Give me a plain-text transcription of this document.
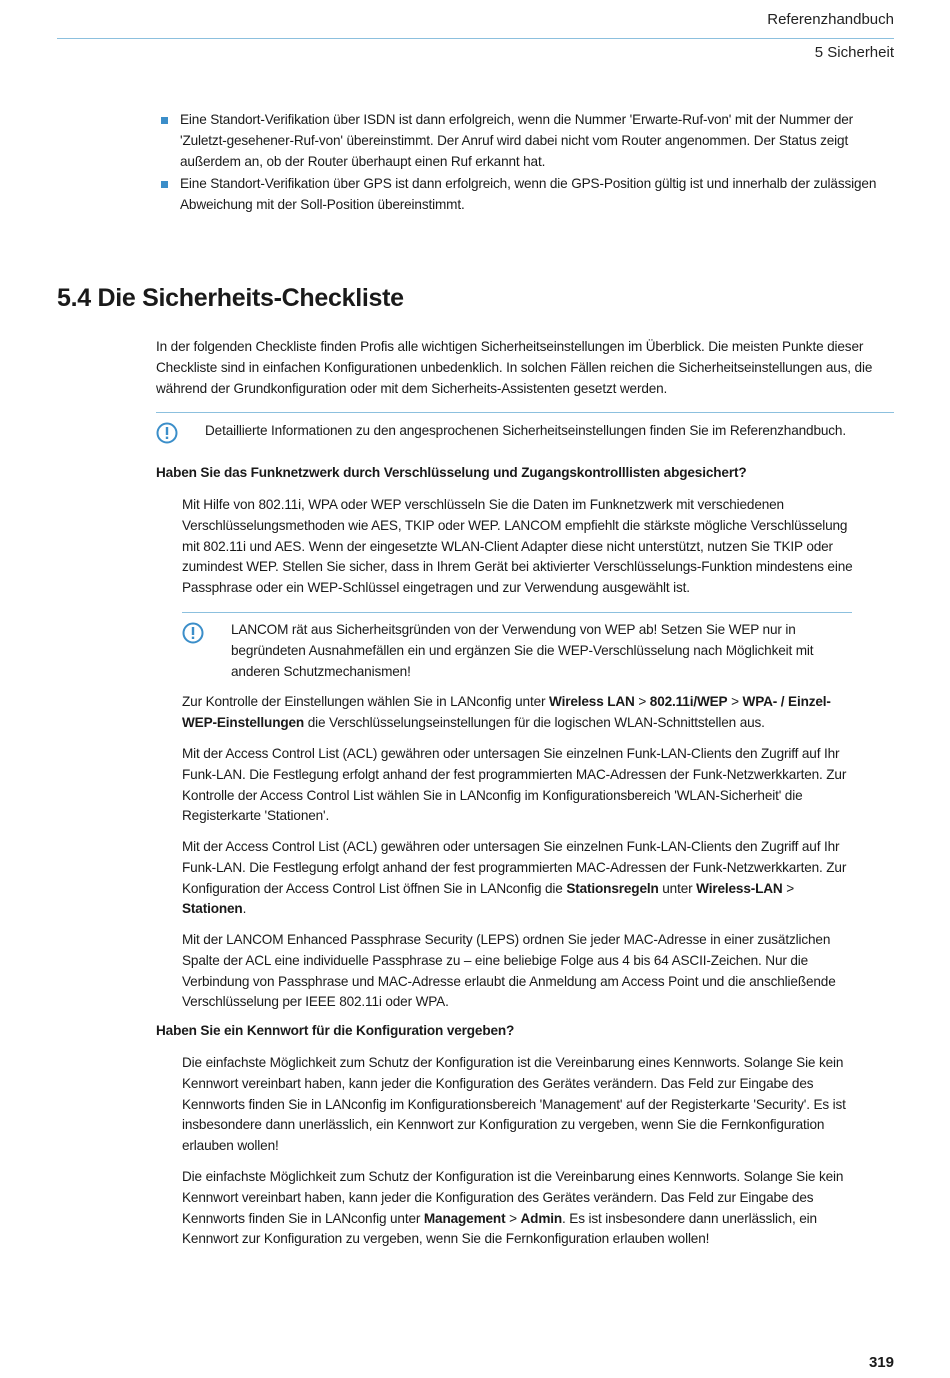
Referenzhandbuch
5 Sicherheit
Eine Standort-Verifikation über ISDN ist dann erfolgreich, wenn die Nummer 'Erwarte-Ruf-von' mit der Nummer der 'Zuletzt-gesehener-Ruf-von' übereinstimmt. Der Anruf wird dabei nicht vom Router angenommen. Der Status zeigt außerdem an, ob der Router überhaupt einen Ruf erkannt hat.
Eine Standort-Verifikation über GPS ist dann erfolgreich, wenn die GPS-Position gültig ist und innerhalb der zulässigen Abweichung mit der Soll-Position übereinstimmt.
5.4 Die Sicherheits-Checkliste

In der folgenden Checkliste finden Profis alle wichtigen Sicherheitseinstellungen im Überblick. Die meisten Punkte dieser Checkliste sind in einfachen Konfigurationen unbedenklich. In solchen Fällen reichen die Sicherheitseinstellungen aus, die während der Grundkonfiguration oder mit dem Sicherheits-Assistenten gesetzt werden.

Detaillierte Informationen zu den angesprochenen Sicherheitseinstellungen finden Sie im Referenzhandbuch.

Haben Sie das Funknetzwerk durch Verschlüsselung und Zugangskontrolllisten abgesichert?

Mit Hilfe von 802.11i, WPA oder WEP verschlüsseln Sie die Daten im Funknetzwerk mit verschiedenen Verschlüsselungsmethoden wie AES, TKIP oder WEP. LANCOM empfiehlt die stärkste mögliche Verschlüsselung mit 802.11i und AES. Wenn der eingesetzte WLAN-Client Adapter diese nicht unterstützt, nutzen Sie TKIP oder zumindest WEP. Stellen Sie sicher, dass in Ihrem Gerät bei aktivierter Verschlüsselungs-Funktion mindestens eine Passphrase oder ein WEP-Schlüssel eingetragen und zur Verwendung ausgewählt ist.

LANCOM rät aus Sicherheitsgründen von der Verwendung von WEP ab! Setzen Sie WEP nur in begründeten Ausnahmefällen ein und ergänzen Sie die WEP-Verschlüsselung nach Möglichkeit mit anderen Schutzmechanismen!

Zur Kontrolle der Einstellungen wählen Sie in LANconfig unter Wireless LAN > 802.11i/WEP > WPA- / Einzel-WEP-Einstellungen die Verschlüsselungseinstellungen für die logischen WLAN-Schnittstellen aus.

Mit der Access Control List (ACL) gewähren oder untersagen Sie einzelnen Funk-LAN-Clients den Zugriff auf Ihr Funk-LAN. Die Festlegung erfolgt anhand der fest programmierten MAC-Adressen der Funk-Netzwerkkarten. Zur Kontrolle der Access Control List wählen Sie in LANconfig im Konfigurationsbereich 'WLAN-Sicherheit' die Registerkarte 'Stationen'.

Mit der Access Control List (ACL) gewähren oder untersagen Sie einzelnen Funk-LAN-Clients den Zugriff auf Ihr Funk-LAN. Die Festlegung erfolgt anhand der fest programmierten MAC-Adressen der Funk-Netzwerkkarten. Zur Konfiguration der Access Control List öffnen Sie in LANconfig die Stationsregeln unter Wireless-LAN > Stationen.

Mit der LANCOM Enhanced Passphrase Security (LEPS) ordnen Sie jeder MAC-Adresse in einer zusätzlichen Spalte der ACL eine individuelle Passphrase zu – eine beliebige Folge aus 4 bis 64 ASCII-Zeichen. Nur die Verbindung von Passphrase und MAC-Adresse erlaubt die Anmeldung am Access Point und die anschließende Verschlüsselung per IEEE 802.11i oder WPA.

Haben Sie ein Kennwort für die Konfiguration vergeben?

Die einfachste Möglichkeit zum Schutz der Konfiguration ist die Vereinbarung eines Kennworts. Solange Sie kein Kennwort vereinbart haben, kann jeder die Konfiguration des Gerätes verändern. Das Feld zur Eingabe des Kennworts finden Sie in LANconfig im Konfigurationsbereich 'Management' auf der Registerkarte 'Security'. Es ist insbesondere dann unerlässlich, ein Kennwort zur Konfiguration zu vergeben, wenn Sie die Fernkonfiguration erlauben wollen!

Die einfachste Möglichkeit zum Schutz der Konfiguration ist die Vereinbarung eines Kennworts. Solange Sie kein Kennwort vereinbart haben, kann jeder die Konfiguration des Gerätes verändern. Das Feld zur Eingabe des Kennworts finden Sie in LANconfig unter Management > Admin. Es ist insbesondere dann unerlässlich, ein Kennwort zur Konfiguration zu vergeben, wenn Sie die Fernkonfiguration erlauben wollen!

319
